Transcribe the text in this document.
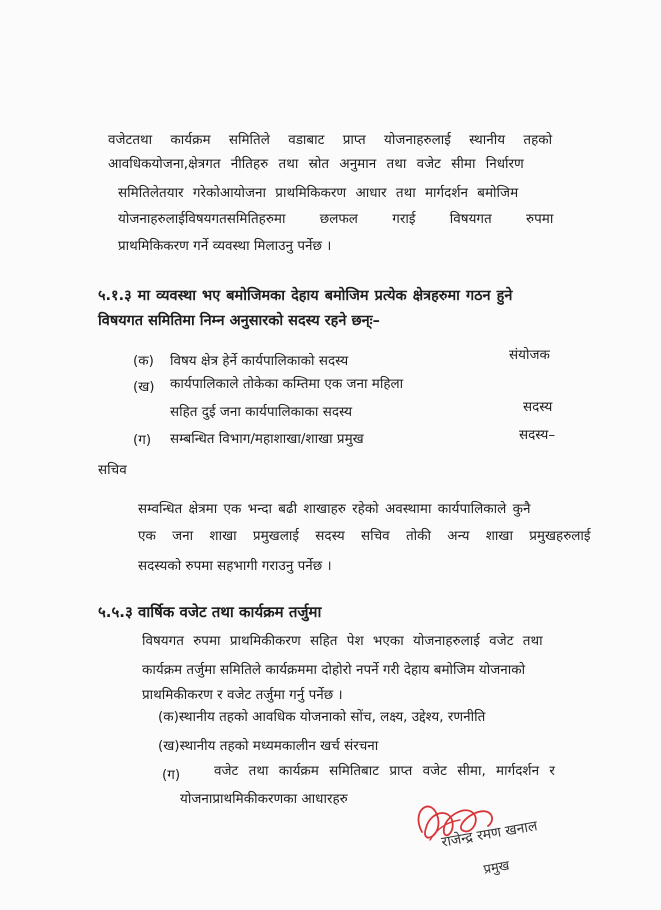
वजेटतथा कार्यक्रम समितिले वडाबाट प्राप्त योजनाहरुलाई स्थानीय तहको
आवधिकयोजना,क्षेत्रगत नीतिहरु तथा स्रोत अनुमान तथा वजेट सीमा निर्धारण
समितिलेतयार गरेकोआयोजना प्राथमिकिकरण आधार तथा मार्गदर्शन बमोजिम
योजनाहरुलाईविषयगतसमितिहरुमा छलफल गराई विषयगत रुपमा
प्राथमिकिकरण गर्ने व्यवस्था मिलाउनु पर्नेछ ।
५.१.३ मा व्यवस्था भए बमोजिमका देहाय बमोजिम प्रत्येक क्षेत्रहरुमा गठन हुने
विषयगत समितिमा निम्न अनुसारको सदस्य रहने छन्ः–
(क) विषय क्षेत्र हेर्ने कार्यपालिकाको सदस्य	संयोजक
(ख) कार्यपालिकाले तोकेका कम्तिमा एक जना महिला
सहित दुई जना कार्यपालिकाका सदस्य	सदस्य
(ग) सम्बन्धित विभाग/महाशाखा/शाखा प्रमुख	सदस्य–
सचिव
सम्वन्धित क्षेत्रमा एक भन्दा बढी शाखाहरु रहेको अवस्थामा कार्यपालिकाले कुनै
एक जना शाखा प्रमुखलाई सदस्य सचिव तोकी अन्य शाखा प्रमुखहरुलाई
सदस्यको रुपमा सहभागी गराउनु पर्नेछ ।
५.५.३ वार्षिक वजेट तथा कार्यक्रम तर्जुमा
विषयगत रुपमा प्राथमिकीकरण सहित पेश भएका योजनाहरुलाई वजेट तथा
कार्यक्रम तर्जुमा समितिले कार्यक्रममा दोहोरो नपर्ने गरी देहाय बमोजिम योजनाको
प्राथमिकीकरण र वजेट तर्जुमा गर्नु पर्नेछ ।
(क)स्थानीय तहको आवधिक योजनाको सोंच, लक्ष्य, उद्देश्य, रणनीति
(ख)स्थानीय तहको मध्यमकालीन खर्च संरचना
(ग)	वजेट तथा कार्यक्रम समितिबाट प्राप्त वजेट सीमा, मार्गदर्शन र
योजनाप्राथमिकीकरणका आधारहरु
राजेन्द्र रमण खनाल
प्रमुख
